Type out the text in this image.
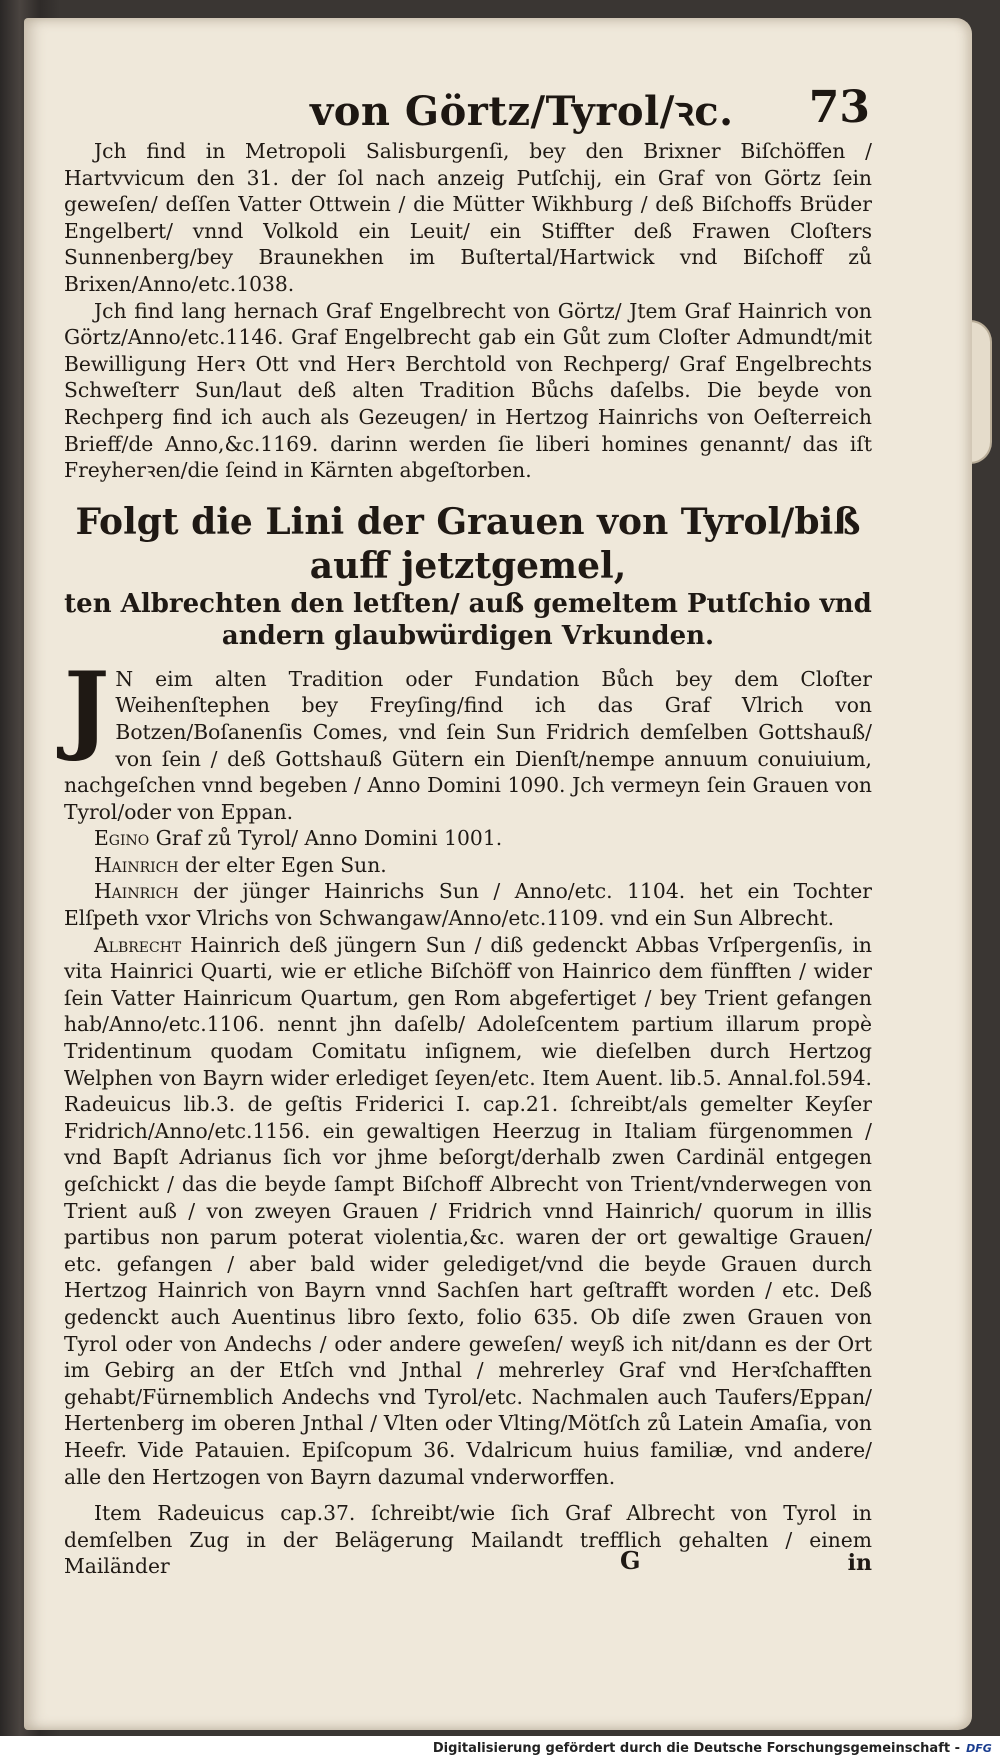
von Görtz/Tyrol/ꝛc. 73

Jch find in Metropoli Salisburgenſi, bey den Brixner Biſchöffen / Hartvvicum den 31. der ſol nach anzeig Putſchij, ein Graf von Görtz ſein geweſen/ deſſen Vatter Ottwein / die Mütter Wikhburg / deß Biſchoffs Brüder Engelbert/ vnnd Volkold ein Leuit/ ein Stiffter deß Frawen Cloſters Sunnenberg/bey Braunekhen im Buſtertal/Hartwick vnd Biſchoff zů Brixen/Anno/etc.1038.

Jch find lang hernach Graf Engelbrecht von Görtz/ Jtem Graf Hainrich von Görtz/Anno/etc.1146. Graf Engelbrecht gab ein Gůt zum Cloſter Admundt/mit Bewilligung Herꝛ Ott vnd Herꝛ Berchtold von Rechperg/ Graf Engelbrechts Schweſterr Sun/laut deß alten Tradition Bůchs daſelbs. Die beyde von Rechperg find ich auch als Gezeugen/ in Hertzog Hainrichs von Oeſterreich Brieff/de Anno,&c.1169. darinn werden ſie liberi homines genannt/ das iſt Freyherꝛen/die ſeind in Kärnten abgeſtorben.

Folgt die Lini der Grauen von Tyrol/biß auff jetztgemel,
ten Albrechten den letſten/ auß gemeltem Putſchio vnd andern glaubwürdigen Vrkunden.

J N eim alten Tradition oder Fundation Bůch bey dem Cloſter Weihenſtephen bey Freyſing/find ich das Graf Vlrich von Botzen/Boſanenſis Comes, vnd ſein Sun Fridrich demſelben Gottshauß/ von ſein / deß Gottshauß Gütern ein Dienſt/nempe annuum conuiuium, nachgeſchen vnnd begeben / Anno Domini 1090. Jch vermeyn ſein Grauen von Tyrol/oder von Eppan.

Egino Graf zů Tyrol/ Anno Domini 1001.

Hainrich der elter Egen Sun.

Hainrich der jünger Hainrichs Sun / Anno/etc. 1104. het ein Tochter Elſpeth vxor Vlrichs von Schwangaw/Anno/etc.1109. vnd ein Sun Albrecht.

Albrecht Hainrich deß jüngern Sun / diß gedenckt Abbas Vrſpergenſis, in vita Hainrici Quarti, wie er etliche Biſchöff von Hainrico dem fünfften / wider ſein Vatter Hainricum Quartum, gen Rom abgefertiget / bey Trient gefangen hab/Anno/etc.1106. nennt jhn daſelb/ Adoleſcentem partium illarum propè Tridentinum quodam Comitatu inſignem, wie dieſelben durch Hertzog Welphen von Bayrn wider erlediget ſeyen/etc. Item Auent. lib.5. Annal.fol.594. Radeuicus lib.3. de geſtis Friderici I. cap.21. ſchreibt/als gemelter Keyſer Fridrich/Anno/etc.1156. ein gewaltigen Heerzug in Italiam fürgenommen / vnd Bapſt Adrianus ſich vor jhme beſorgt/derhalb zwen Cardinäl entgegen geſchickt / das die beyde ſampt Biſchoff Albrecht von Trient/vnderwegen von Trient auß / von zweyen Grauen / Fridrich vnnd Hainrich/ quorum in illis partibus non parum poterat violentia,&c. waren der ort gewaltige Grauen/ etc. gefangen / aber bald wider gelediget/vnd die beyde Grauen durch Hertzog Hainrich von Bayrn vnnd Sachſen hart geſtrafft worden / etc. Deß gedenckt auch Auentinus libro ſexto, folio 635. Ob diſe zwen Grauen von Tyrol oder von Andechs / oder andere geweſen/ weyß ich nit/dann es der Ort im Gebirg an der Etſch vnd Jnthal / mehrerley Graf vnd Herꝛſchafften gehabt/Fürnemblich Andechs vnd Tyrol/etc. Nachmalen auch Taufers/Eppan/ Hertenberg im oberen Jnthal / Vlten oder Vlting/Mötſch zů Latein Amaſia, von Heefr. Vide Patauien. Epiſcopum 36. Vdalricum huius familiæ, vnd andere/ alle den Hertzogen von Bayrn dazumal vnderworffen.

Item Radeuicus cap.37. ſchreibt/wie ſich Graf Albrecht von Tyrol in demſelben Zug in der Belägerung Mailandt trefflich gehalten / einem Mailänder	G	in
Digitalisierung gefördert durch die Deutsche Forschungsgemeinschaft - DFG
